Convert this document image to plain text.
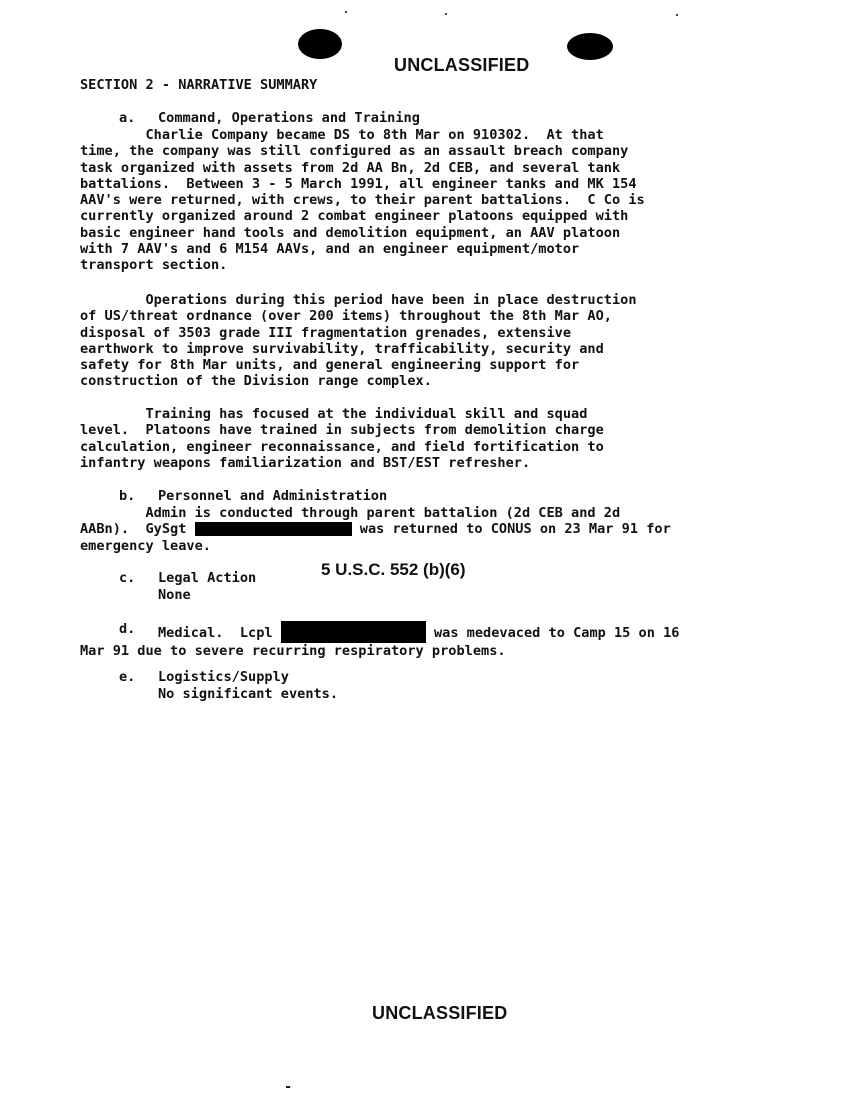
UNCLASSIFIED
SECTION 2 - NARRATIVE SUMMARY
a. Command, Operations and Training
Charlie Company became DS to 8th Mar on 910302.  At that
time, the company was still configured as an assault breach company
task organized with assets from 2d AA Bn, 2d CEB, and several tank
battalions.  Between 3 - 5 March 1991, all engineer tanks and MK 154
AAV's were returned, with crews, to their parent battalions.  C Co is
currently organized around 2 combat engineer platoons equipped with
basic engineer hand tools and demolition equipment, an AAV platoon
with 7 AAV's and 6 M154 AAVs, and an engineer equipment/motor
transport section.
Operations during this period have been in place destruction
of US/threat ordnance (over 200 items) throughout the 8th Mar AO,
disposal of 3503 grade III fragmentation grenades, extensive
earthwork to improve survivability, trafficability, security and
safety for 8th Mar units, and general engineering support for
construction of the Division range complex.
Training has focused at the individual skill and squad
level.  Platoons have trained in subjects from demolition charge
calculation, engineer reconnaissance, and field fortification to
infantry weapons familiarization and BST/EST refresher.
b. Personnel and Administration
Admin is conducted through parent battalion (2d CEB and 2d
AABn).  GySgt	was returned to CONUS on 23 Mar 91 for
emergency leave.
c. Legal Action
None
5 U.S.C. 552 (b)(6)
d.	Medical.  Lcpl	was medevaced to Camp 15 on 16
Mar 91 due to severe recurring respiratory problems.
e. Logistics/Supply
No significant events.
UNCLASSIFIED
-
